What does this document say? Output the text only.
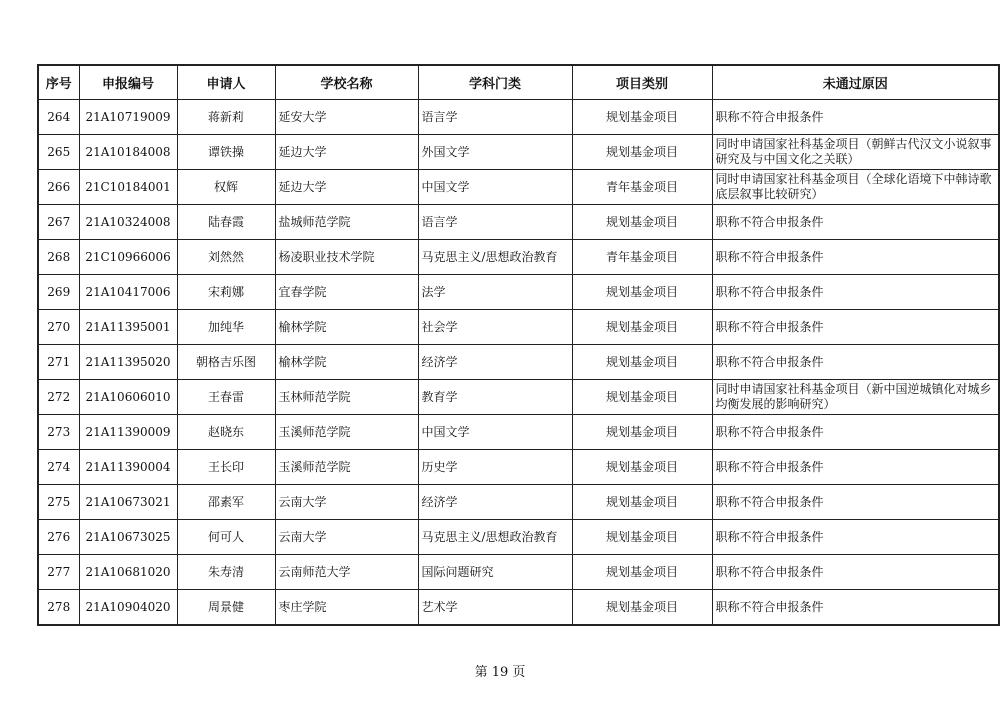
序号	申报编号	申请人	学校名称	学科门类	项目类别	未通过原因
264	21A10719009	蒋新莉	延安大学	语言学	规划基金项目	职称不符合申报条件
265	21A10184008	谭铁操	延边大学	外国文学	规划基金项目	同时申请国家社科基金项目（朝鲜古代汉文小说叙事研究及与中国文化之关联）
266	21C10184001	权辉	延边大学	中国文学	青年基金项目	同时申请国家社科基金项目（全球化语境下中韩诗歌底层叙事比较研究）
267	21A10324008	陆春霞	盐城师范学院	语言学	规划基金项目	职称不符合申报条件
268	21C10966006	刘然然	杨凌职业技术学院	马克思主义/思想政治教育	青年基金项目	职称不符合申报条件
269	21A10417006	宋莉娜	宜春学院	法学	规划基金项目	职称不符合申报条件
270	21A11395001	加纯华	榆林学院	社会学	规划基金项目	职称不符合申报条件
271	21A11395020	朝格吉乐图	榆林学院	经济学	规划基金项目	职称不符合申报条件
272	21A10606010	王春雷	玉林师范学院	教育学	规划基金项目	同时申请国家社科基金项目（新中国逆城镇化对城乡均衡发展的影响研究）
273	21A11390009	赵晓东	玉溪师范学院	中国文学	规划基金项目	职称不符合申报条件
274	21A11390004	王长印	玉溪师范学院	历史学	规划基金项目	职称不符合申报条件
275	21A10673021	邵素军	云南大学	经济学	规划基金项目	职称不符合申报条件
276	21A10673025	何可人	云南大学	马克思主义/思想政治教育	规划基金项目	职称不符合申报条件
277	21A10681020	朱寿清	云南师范大学	国际问题研究	规划基金项目	职称不符合申报条件
278	21A10904020	周景健	枣庄学院	艺术学	规划基金项目	职称不符合申报条件
第 19 页
